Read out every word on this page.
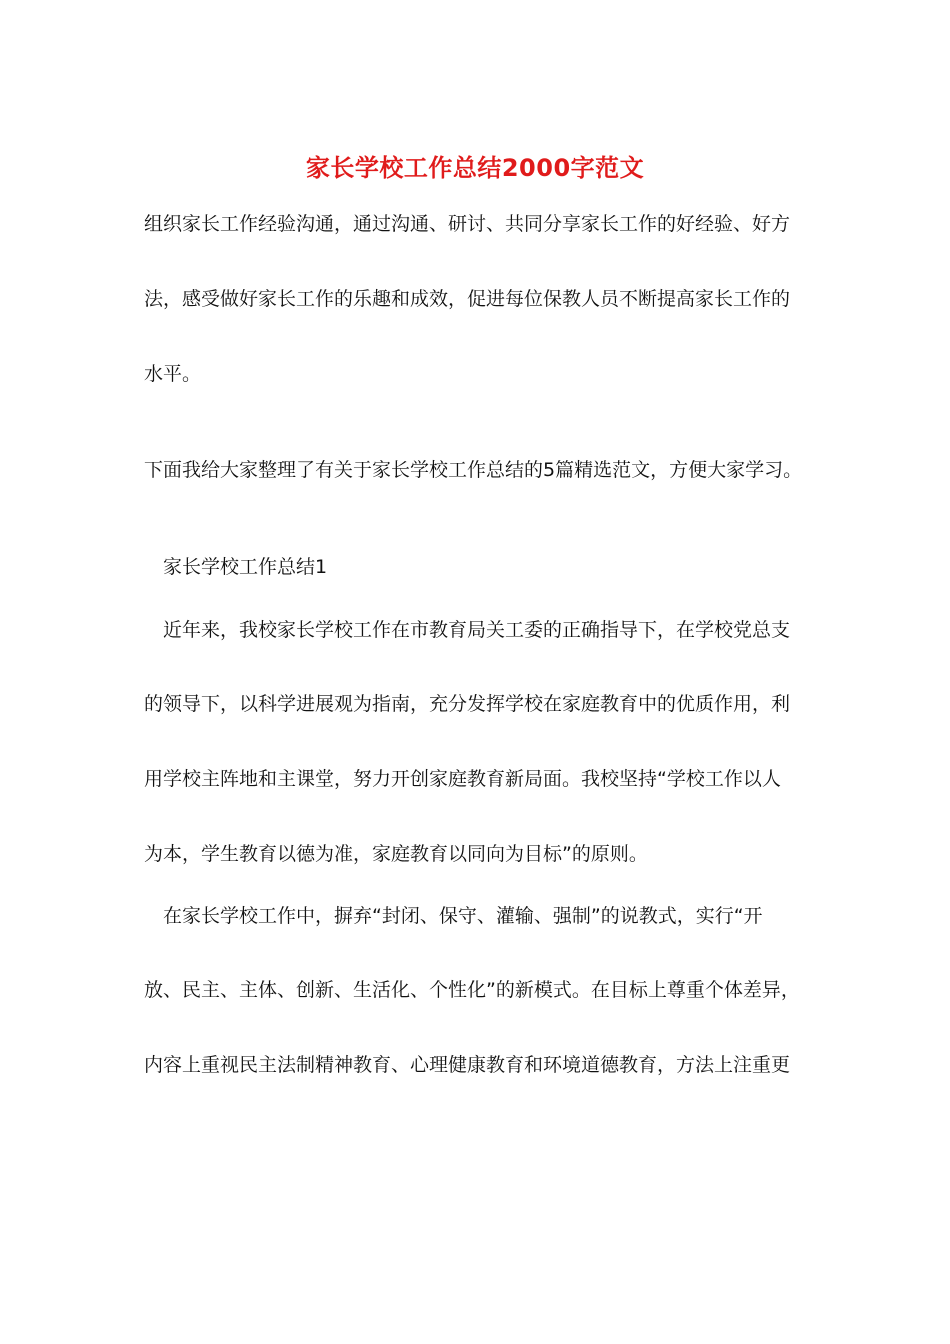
家长学校工作总结2000字范文
组织家长工作经验沟通，通过沟通、研讨、共同分享家长工作的好经验、好方
法，感受做好家长工作的乐趣和成效，促进每位保教人员不断提高家长工作的
水平。
下面我给大家整理了有关于家长学校工作总结的5篇精选范文，方便大家学习。
家长学校工作总结1
近年来，我校家长学校工作在市教育局关工委的正确指导下，在学校党总支
的领导下，以科学进展观为指南，充分发挥学校在家庭教育中的优质作用，利
用学校主阵地和主课堂，努力开创家庭教育新局面。我校坚持“学校工作以人
为本，学生教育以德为准，家庭教育以同向为目标”的原则。
在家长学校工作中，摒弃“封闭、保守、灌输、强制”的说教式，实行“开
放、民主、主体、创新、生活化、个性化”的新模式。在目标上尊重个体差异，
内容上重视民主法制精神教育、心理健康教育和环境道德教育，方法上注重更
